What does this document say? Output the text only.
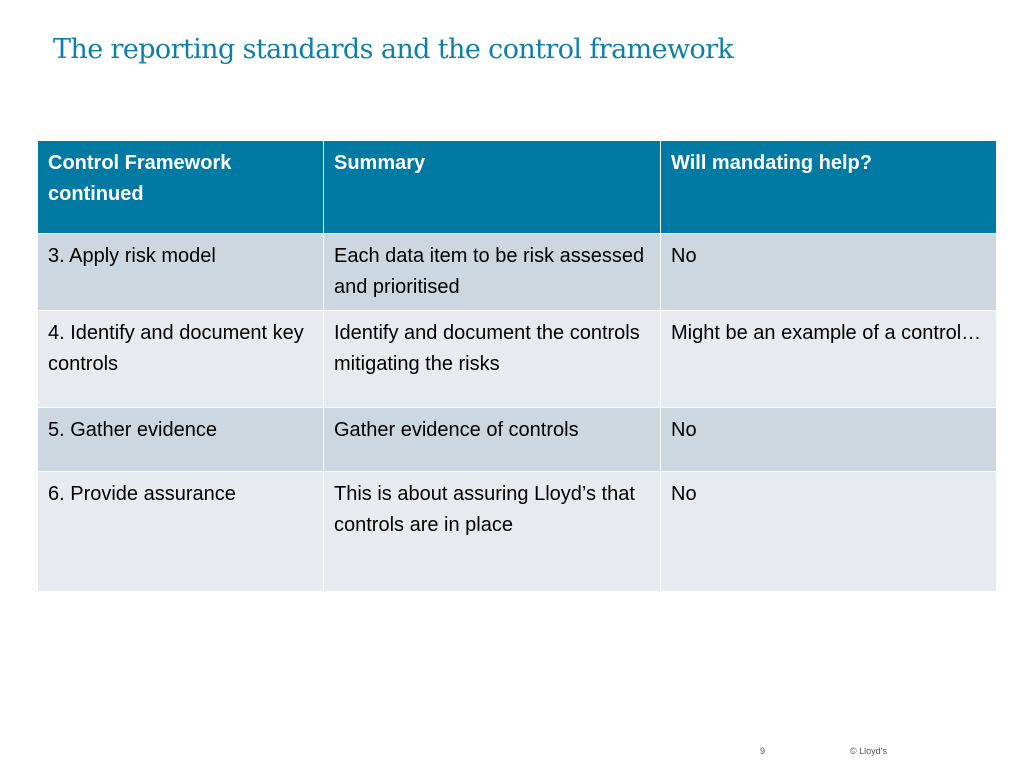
The reporting standards and the control framework
Control Framework continued	Summary	Will mandating help?
3. Apply risk model	Each data item to be risk assessed and prioritised	No
4. Identify and document key controls	Identify and document the controls mitigating the risks	Might be an example of a control…
5. Gather evidence	Gather evidence of controls	No
6. Provide assurance	This is about assuring Lloyd’s that controls are in place	No
9	© Lloyd’s
